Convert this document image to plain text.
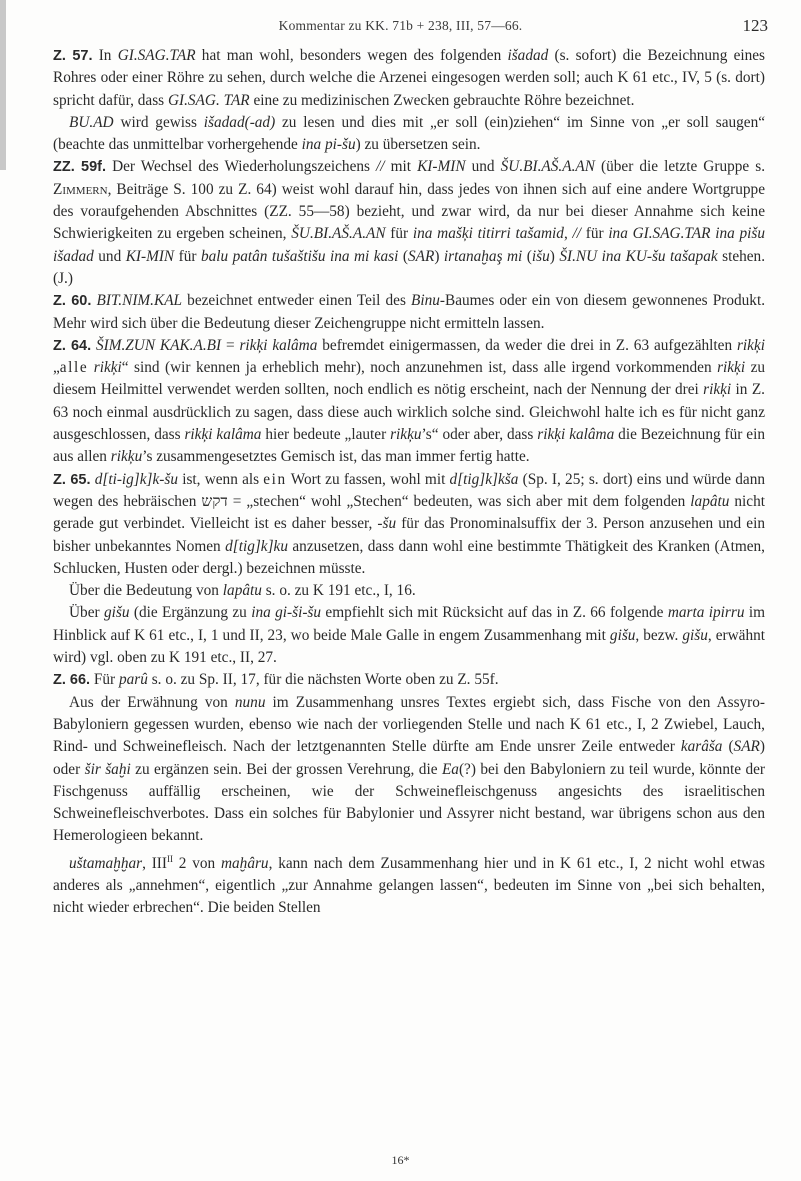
Kommentar zu KK. 71b + 238, III, 57—66.	123

Z. 57. In GI.SAG.TAR hat man wohl, besonders wegen des folgenden išadad (s. sofort) die Bezeichnung eines Rohres oder einer Röhre zu sehen, durch welche die Arzenei eingesogen werden soll; auch K 61 etc., IV, 5 (s. dort) spricht dafür, dass GI.SAG. TAR eine zu medizinischen Zwecken gebrauchte Röhre bezeichnet.

BU.AD wird gewiss išadad(-ad) zu lesen und dies mit „er soll (ein)ziehen“ im Sinne von „er soll saugen“ (beachte das unmittelbar vorhergehende ina pi-šu) zu übersetzen sein.

ZZ. 59f. Der Wechsel des Wiederholungszeichens // mit KI-MIN und ŠU.BI.AŠ.A.AN (über die letzte Gruppe s. Zimmern, Beiträge S. 100 zu Z. 64) weist wohl darauf hin, dass jedes von ihnen sich auf eine andere Wortgruppe des voraufgehenden Abschnittes (ZZ. 55—58) bezieht, und zwar wird, da nur bei dieser Annahme sich keine Schwierigkeiten zu ergeben scheinen, ŠU.BI.AŠ.A.AN für ina mašķi titirri tašamid, // für ina GI.SAG.TAR ina pišu išadad und KI-MIN für balu patân tušaštišu ina mi kasi (SAR) irtanaḫaş mi (išu) ŠI.NU ina KU-šu tašapak stehen. (J.)

Z. 60. BIT.NIM.KAL bezeichnet entweder einen Teil des Binu-Baumes oder ein von diesem gewonnenes Produkt. Mehr wird sich über die Bedeutung dieser Zeichengruppe nicht ermitteln lassen.

Z. 64. ŠIM.ZUN KAK.A.BI = rikķi kalâma befremdet einigermassen, da weder die drei in Z. 63 aufgezählten rikķi „alle rikķi“ sind (wir kennen ja erheblich mehr), noch anzunehmen ist, dass alle irgend vorkommenden rikķi zu diesem Heilmittel verwendet werden sollten, noch endlich es nötig erscheint, nach der Nennung der drei rikķi in Z. 63 noch einmal ausdrücklich zu sagen, dass diese auch wirklich solche sind. Gleichwohl halte ich es für nicht ganz ausgeschlossen, dass rikķi kalâma hier bedeute „lauter rikķu’s“ oder aber, dass rikķi kalâma die Bezeichnung für ein aus allen rikķu’s zusammengesetztes Gemisch ist, das man immer fertig hatte.

Z. 65. d[ti-ig]k]k-šu ist, wenn als ein Wort zu fassen, wohl mit d[tig]k]kša (Sp. I, 25; s. dort) eins und würde dann wegen des hebräischen דקש = „stechen“ wohl „Stechen“ bedeuten, was sich aber mit dem folgenden lapâtu nicht gerade gut verbindet. Vielleicht ist es daher besser, -šu für das Pronominalsuffix der 3. Person anzusehen und ein bisher unbekanntes Nomen d[tig]k]ku anzusetzen, dass dann wohl eine bestimmte Thätigkeit des Kranken (Atmen, Schlucken, Husten oder dergl.) bezeichnen müsste.

Über die Bedeutung von lapâtu s. o. zu K 191 etc., I, 16.

Über gišu (die Ergänzung zu ina gi-ši-šu empfiehlt sich mit Rücksicht auf das in Z. 66 folgende marta ipirru im Hinblick auf K 61 etc., I, 1 und II, 23, wo beide Male Galle in engem Zusammenhang mit gišu, bezw. gišu, erwähnt wird) vgl. oben zu K 191 etc., II, 27.

Z. 66. Für parû s. o. zu Sp. II, 17, für die nächsten Worte oben zu Z. 55f.

Aus der Erwähnung von nunu im Zusammenhang unsres Textes ergiebt sich, dass Fische von den Assyro-Babyloniern gegessen wurden, ebenso wie nach der vorliegenden Stelle und nach K 61 etc., I, 2 Zwiebel, Lauch, Rind- und Schweinefleisch. Nach der letztgenannten Stelle dürfte am Ende unsrer Zeile entweder karâša (SAR) oder šir šaḫi zu ergänzen sein. Bei der grossen Verehrung, die Ea(?) bei den Babyloniern zu teil wurde, könnte der Fischgenuss auffällig erscheinen, wie der Schweinefleischgenuss angesichts des israelitischen Schweinefleischverbotes. Dass ein solches für Babylonier und Assyrer nicht bestand, war übrigens schon aus den Hemerologieen bekannt.

uštamaḫḫar, $III^{II}$ 2 von maḫâru, kann nach dem Zusammenhang hier und in K 61 etc., I, 2 nicht wohl etwas anderes als „annehmen“, eigentlich „zur Annahme gelangen lassen“, bedeuten im Sinne von „bei sich behalten, nicht wieder erbrechen“. Die beiden Stellen

16*
